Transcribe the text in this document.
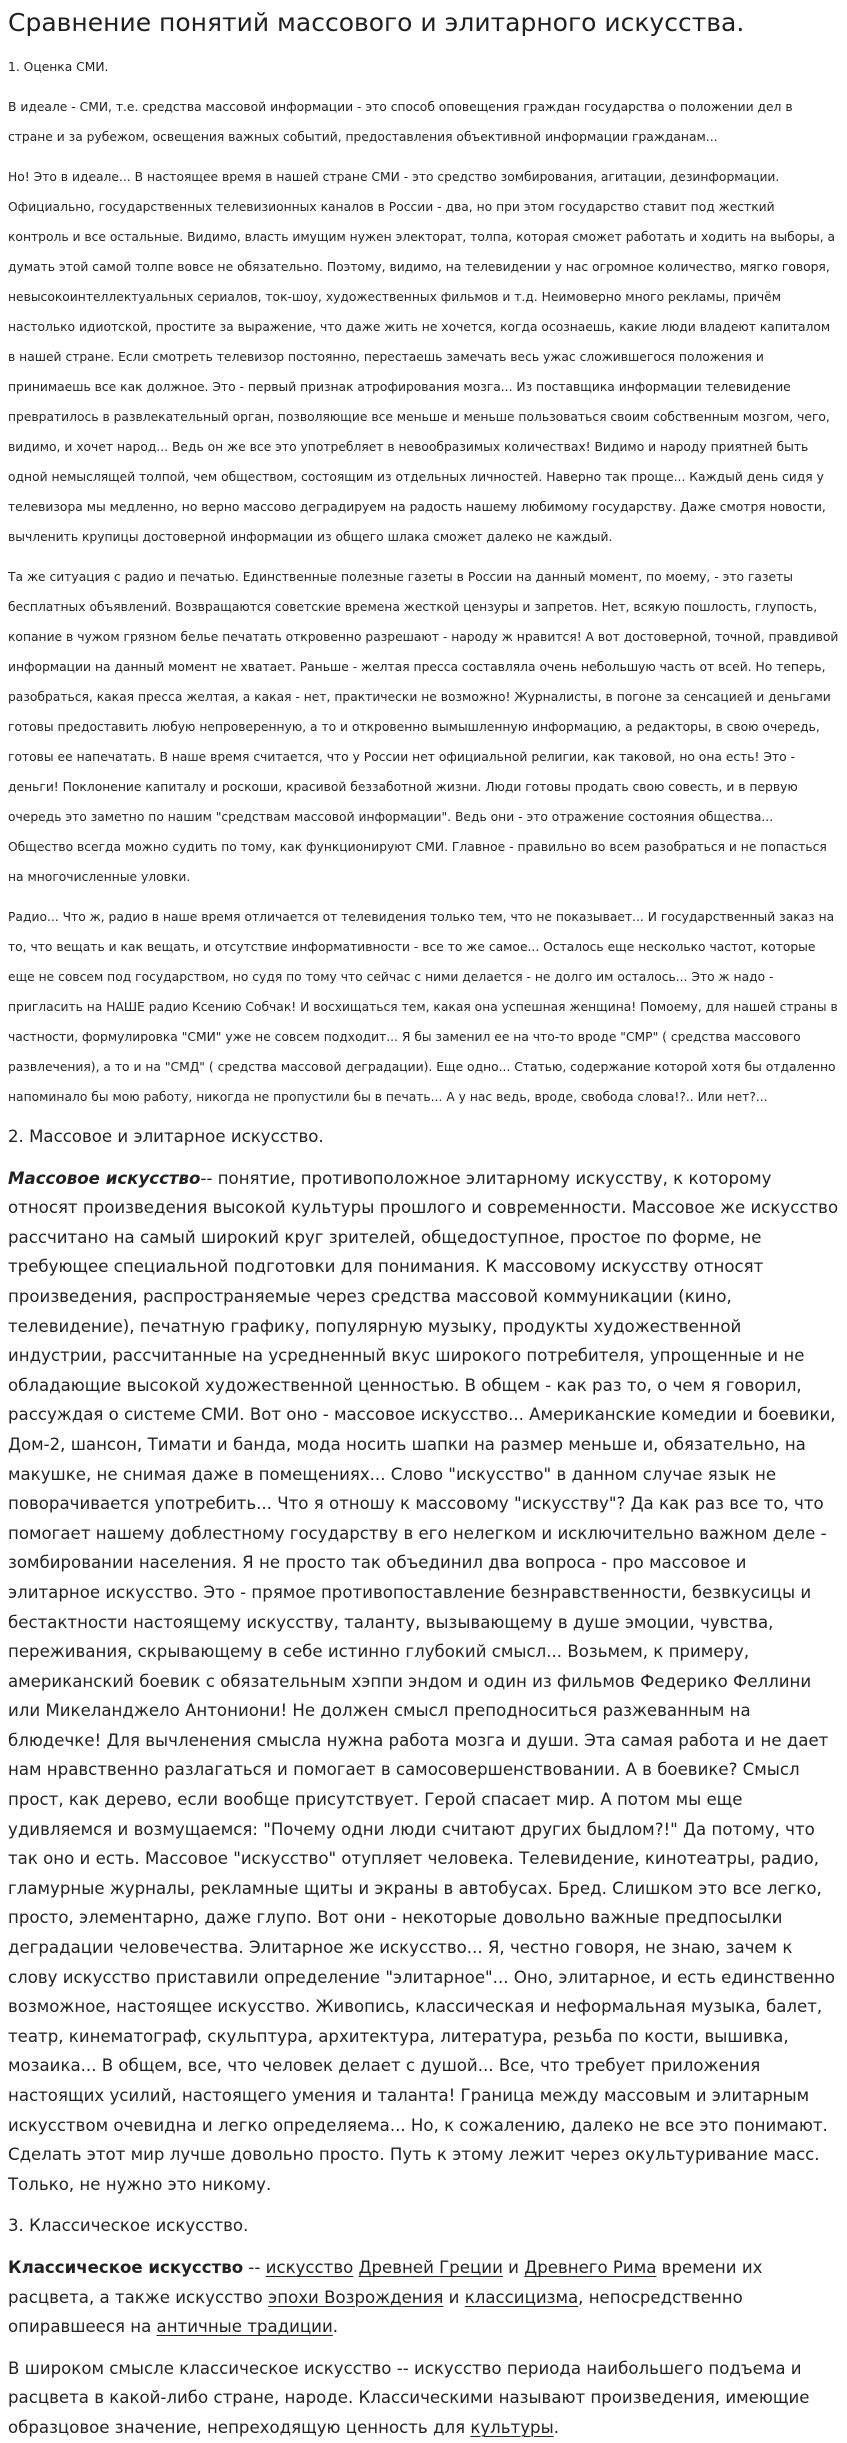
Сравнение понятий массового и элитарного искусства.

1. Оценка СМИ.

В идеале - СМИ, т.е. средства массовой информации - это способ оповещения граждан государства о положении дел в стране и за рубежом, освещения важных событий, предоставления объективной информации гражданам...

Но! Это в идеале... В настоящее время в нашей стране СМИ - это средство зомбирования, агитации, дезинформации. Официально, государственных телевизионных каналов в России - два, но при этом государство ставит под жесткий контроль и все остальные. Видимо, власть имущим нужен электорат, толпа, которая сможет работать и ходить на выборы, а думать этой самой толпе вовсе не обязательно. Поэтому, видимо, на телевидении у нас огромное количество, мягко говоря, невысокоинтеллектуальных сериалов, ток-шоу, художественных фильмов и т.д. Неимоверно много рекламы, причём настолько идиотской, простите за выражение, что даже жить не хочется, когда осознаешь, какие люди владеют капиталом в нашей стране. Если смотреть телевизор постоянно, перестаешь замечать весь ужас сложившегося положения и принимаешь все как должное. Это - первый признак атрофирования мозга... Из поставщика информации телевидение превратилось в развлекательный орган, позволяющие все меньше и меньше пользоваться своим собственным мозгом, чего, видимо, и хочет народ... Ведь он же все это употребляет в невообразимых количествах! Видимо и народу приятней быть одной немыслящей толпой, чем обществом, состоящим из отдельных личностей. Наверно так проще... Каждый день сидя у телевизора мы медленно, но верно массово деградируем на радость нашему любимому государству. Даже смотря новости, вычленить крупицы достоверной информации из общего шлака сможет далеко не каждый.

Та же ситуация с радио и печатью. Единственные полезные газеты в России на данный момент, по моему, - это газеты бесплатных объявлений. Возвращаются советские времена жесткой цензуры и запретов. Нет, всякую пошлость, глупость, копание в чужом грязном белье печатать откровенно разрешают - народу ж нравится! А вот достоверной, точной, правдивой информации на данный момент не хватает. Раньше - желтая пресса составляла очень небольшую часть от всей. Но теперь, разобраться, какая пресса желтая, а какая - нет, практически не возможно! Журналисты, в погоне за сенсацией и деньгами готовы предоставить любую непроверенную, а то и откровенно вымышленную информацию, а редакторы, в свою очередь, готовы ее напечатать. В наше время считается, что у России нет официальной религии, как таковой, но она есть! Это - деньги! Поклонение капиталу и роскоши, красивой беззаботной жизни. Люди готовы продать свою совесть, и в первую очередь это заметно по нашим "средствам массовой информации". Ведь они - это отражение состояния общества... Общество всегда можно судить по тому, как функционируют СМИ. Главное - правильно во всем разобраться и не попасться на многочисленные уловки.

Радио... Что ж, радио в наше время отличается от телевидения только тем, что не показывает... И государственный заказ на то, что вещать и как вещать, и отсутствие информативности - все то же самое... Осталось еще несколько частот, которые еще не совсем под государством, но судя по тому что сейчас с ними делается - не долго им осталось... Это ж надо - пригласить на НАШЕ радио Ксению Собчак! И восхищаться тем, какая она успешная женщина! Помоему, для нашей страны в частности, формулировка "СМИ" уже не совсем подходит... Я бы заменил ее на что-то вроде "СМР" ( средства массового развлечения), а то и на "СМД" ( средства массовой деградации). Еще одно... Статью, содержание которой хотя бы отдаленно напоминало бы мою работу, никогда не пропустили бы в печать... А у нас ведь, вроде, свобода слова!?.. Или нет?...

2. Массовое и элитарное искусство.

Массовое искусство-- понятие, противоположное элитарному искусству, к которому относят произведения высокой культуры прошлого и современности. Массовое же искусство рассчитано на самый широкий круг зрителей, общедоступное, простое по форме, не требующее специальной подготовки для понимания. К массовому искусству относят произведения, распространяемые через средства массовой коммуникации (кино, телевидение), печатную графику, популярную музыку, продукты художественной индустрии, рассчитанные на усредненный вкус широкого потребителя, упрощенные и не обладающие высокой художественной ценностью. В общем - как раз то, о чем я говорил, рассуждая о системе СМИ. Вот оно - массовое искусство... Американские комедии и боевики, Дом-2, шансон, Тимати и банда, мода носить шапки на размер меньше и, обязательно, на макушке, не снимая даже в помещениях... Слово "искусство" в данном случае язык не поворачивается употребить... Что я отношу к массовому "искусству"? Да как раз все то, что помогает нашему доблестному государству в его нелегком и исключительно важном деле - зомбировании населения. Я не просто так объединил два вопроса - про массовое и элитарное искусство. Это - прямое противопоставление безнравственности, безвкусицы и бестактности настоящему искусству, таланту, вызывающему в душе эмоции, чувства, переживания, скрывающему в себе истинно глубокий смысл... Возьмем, к примеру, американский боевик с обязательным хэппи эндом и один из фильмов Федерико Феллини или Микеланджело Антониони! Не должен смысл преподноситься разжеванным на блюдечке! Для вычленения смысла нужна работа мозга и души. Эта самая работа и не дает нам нравственно разлагаться и помогает в самосовершенствовании. А в боевике? Смысл прост, как дерево, если вообще присутствует. Герой спасает мир. А потом мы еще удивляемся и возмущаемся: "Почему одни люди считают других быдлом?!" Да потому, что так оно и есть. Массовое "искусство" отупляет человека. Телевидение, кинотеатры, радио, гламурные журналы, рекламные щиты и экраны в автобусах. Бред. Слишком это все легко, просто, элементарно, даже глупо. Вот они - некоторые довольно важные предпосылки деградации человечества. Элитарное же искусство... Я, честно говоря, не знаю, зачем к слову искусство приставили определение "элитарное"... Оно, элитарное, и есть единственно возможное, настоящее искусство. Живопись, классическая и неформальная музыка, балет, театр, кинематограф, скульптура, архитектура, литература, резьба по кости, вышивка, мозаика... В общем, все, что человек делает с душой... Все, что требует приложения настоящих усилий, настоящего умения и таланта! Граница между массовым и элитарным искусством очевидна и легко определяема... Но, к сожалению, далеко не все это понимают. Сделать этот мир лучше довольно просто. Путь к этому лежит через окультуривание масс. Только, не нужно это никому.

3. Классическое искусство.

Классическое искусство -- искусство Древней Греции и Древнего Рима времени их расцвета, а также искусство эпохи Возрождения и классицизма, непосредственно опиравшееся на античные традиции.

В широком смысле классическое искусство -- искусство периода наибольшего подъема и расцвета в какой-либо стране, народе. Классическими называют произведения, имеющие образцовое значение, непреходящую ценность для культуры.
